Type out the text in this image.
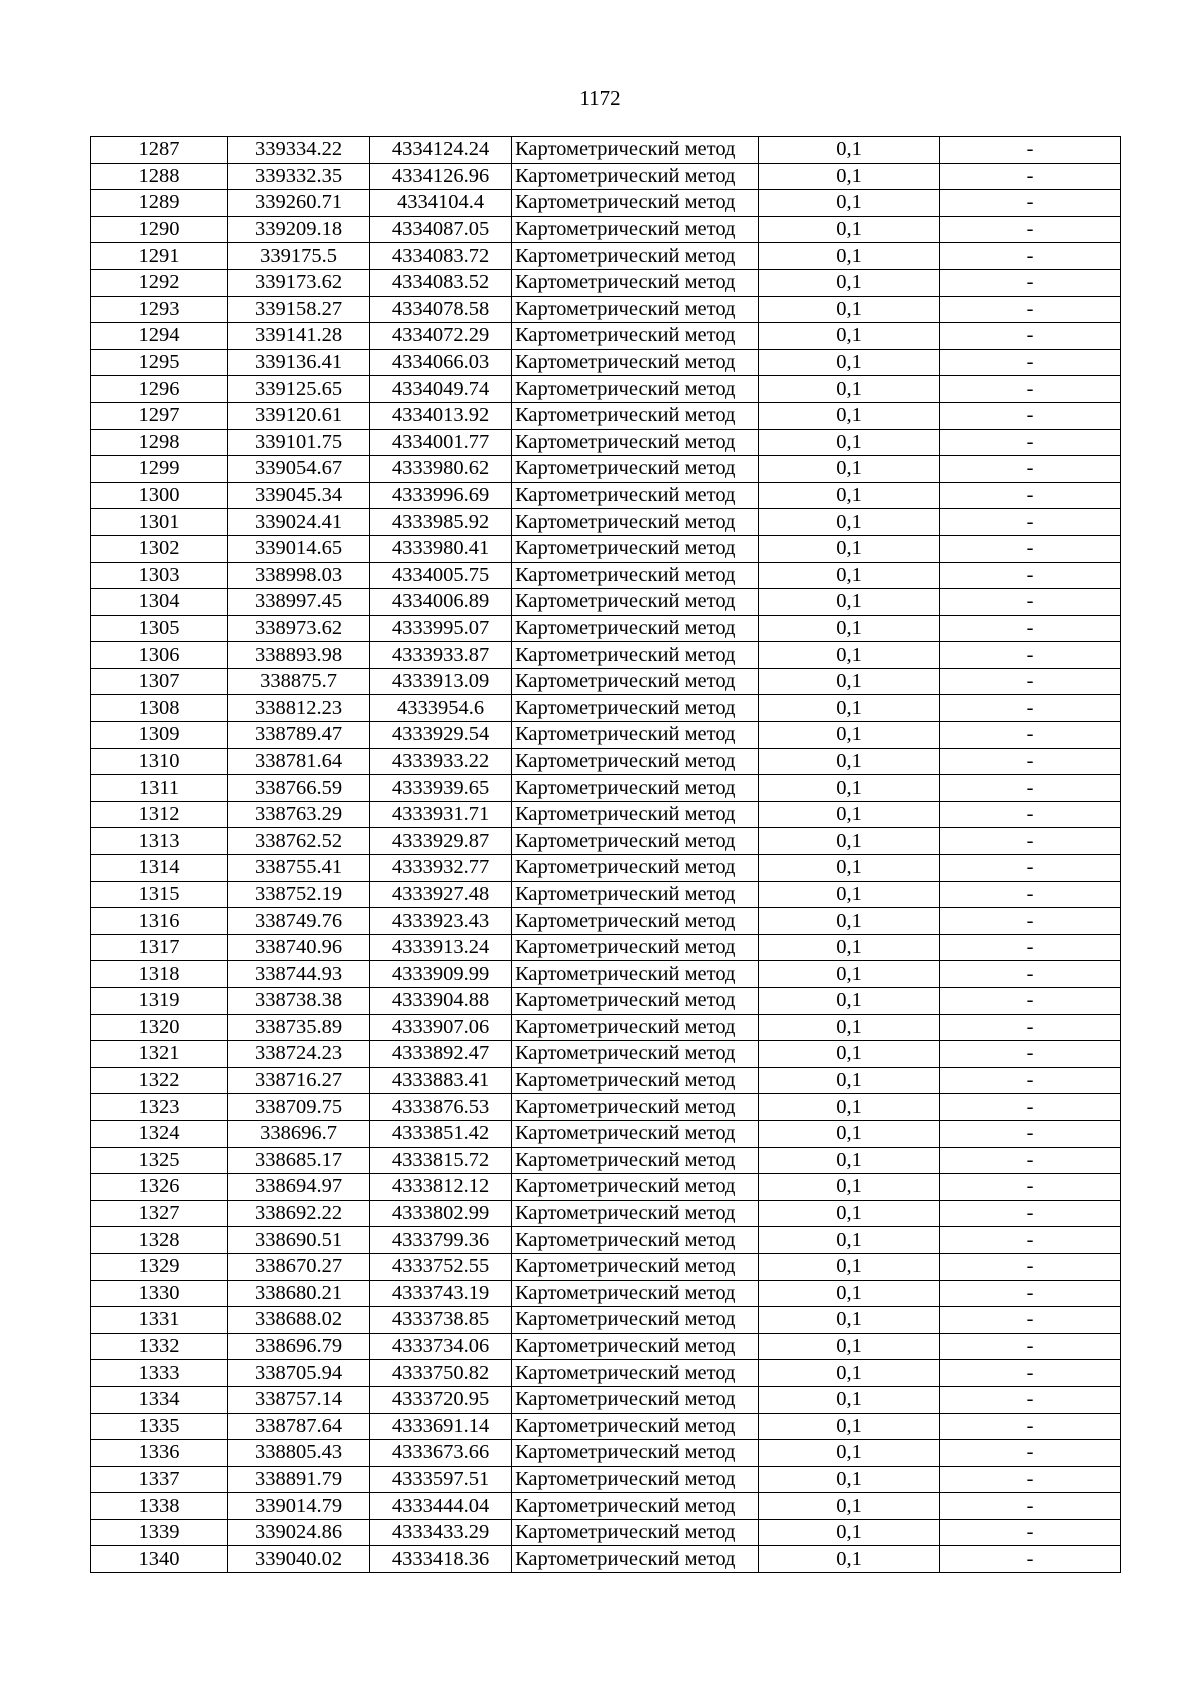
1172
1287	339334.22	4334124.24	Картометрический метод	0,1	-
1288	339332.35	4334126.96	Картометрический метод	0,1	-
1289	339260.71	4334104.4	Картометрический метод	0,1	-
1290	339209.18	4334087.05	Картометрический метод	0,1	-
1291	339175.5	4334083.72	Картометрический метод	0,1	-
1292	339173.62	4334083.52	Картометрический метод	0,1	-
1293	339158.27	4334078.58	Картометрический метод	0,1	-
1294	339141.28	4334072.29	Картометрический метод	0,1	-
1295	339136.41	4334066.03	Картометрический метод	0,1	-
1296	339125.65	4334049.74	Картометрический метод	0,1	-
1297	339120.61	4334013.92	Картометрический метод	0,1	-
1298	339101.75	4334001.77	Картометрический метод	0,1	-
1299	339054.67	4333980.62	Картометрический метод	0,1	-
1300	339045.34	4333996.69	Картометрический метод	0,1	-
1301	339024.41	4333985.92	Картометрический метод	0,1	-
1302	339014.65	4333980.41	Картометрический метод	0,1	-
1303	338998.03	4334005.75	Картометрический метод	0,1	-
1304	338997.45	4334006.89	Картометрический метод	0,1	-
1305	338973.62	4333995.07	Картометрический метод	0,1	-
1306	338893.98	4333933.87	Картометрический метод	0,1	-
1307	338875.7	4333913.09	Картометрический метод	0,1	-
1308	338812.23	4333954.6	Картометрический метод	0,1	-
1309	338789.47	4333929.54	Картометрический метод	0,1	-
1310	338781.64	4333933.22	Картометрический метод	0,1	-
1311	338766.59	4333939.65	Картометрический метод	0,1	-
1312	338763.29	4333931.71	Картометрический метод	0,1	-
1313	338762.52	4333929.87	Картометрический метод	0,1	-
1314	338755.41	4333932.77	Картометрический метод	0,1	-
1315	338752.19	4333927.48	Картометрический метод	0,1	-
1316	338749.76	4333923.43	Картометрический метод	0,1	-
1317	338740.96	4333913.24	Картометрический метод	0,1	-
1318	338744.93	4333909.99	Картометрический метод	0,1	-
1319	338738.38	4333904.88	Картометрический метод	0,1	-
1320	338735.89	4333907.06	Картометрический метод	0,1	-
1321	338724.23	4333892.47	Картометрический метод	0,1	-
1322	338716.27	4333883.41	Картометрический метод	0,1	-
1323	338709.75	4333876.53	Картометрический метод	0,1	-
1324	338696.7	4333851.42	Картометрический метод	0,1	-
1325	338685.17	4333815.72	Картометрический метод	0,1	-
1326	338694.97	4333812.12	Картометрический метод	0,1	-
1327	338692.22	4333802.99	Картометрический метод	0,1	-
1328	338690.51	4333799.36	Картометрический метод	0,1	-
1329	338670.27	4333752.55	Картометрический метод	0,1	-
1330	338680.21	4333743.19	Картометрический метод	0,1	-
1331	338688.02	4333738.85	Картометрический метод	0,1	-
1332	338696.79	4333734.06	Картометрический метод	0,1	-
1333	338705.94	4333750.82	Картометрический метод	0,1	-
1334	338757.14	4333720.95	Картометрический метод	0,1	-
1335	338787.64	4333691.14	Картометрический метод	0,1	-
1336	338805.43	4333673.66	Картометрический метод	0,1	-
1337	338891.79	4333597.51	Картометрический метод	0,1	-
1338	339014.79	4333444.04	Картометрический метод	0,1	-
1339	339024.86	4333433.29	Картометрический метод	0,1	-
1340	339040.02	4333418.36	Картометрический метод	0,1	-
